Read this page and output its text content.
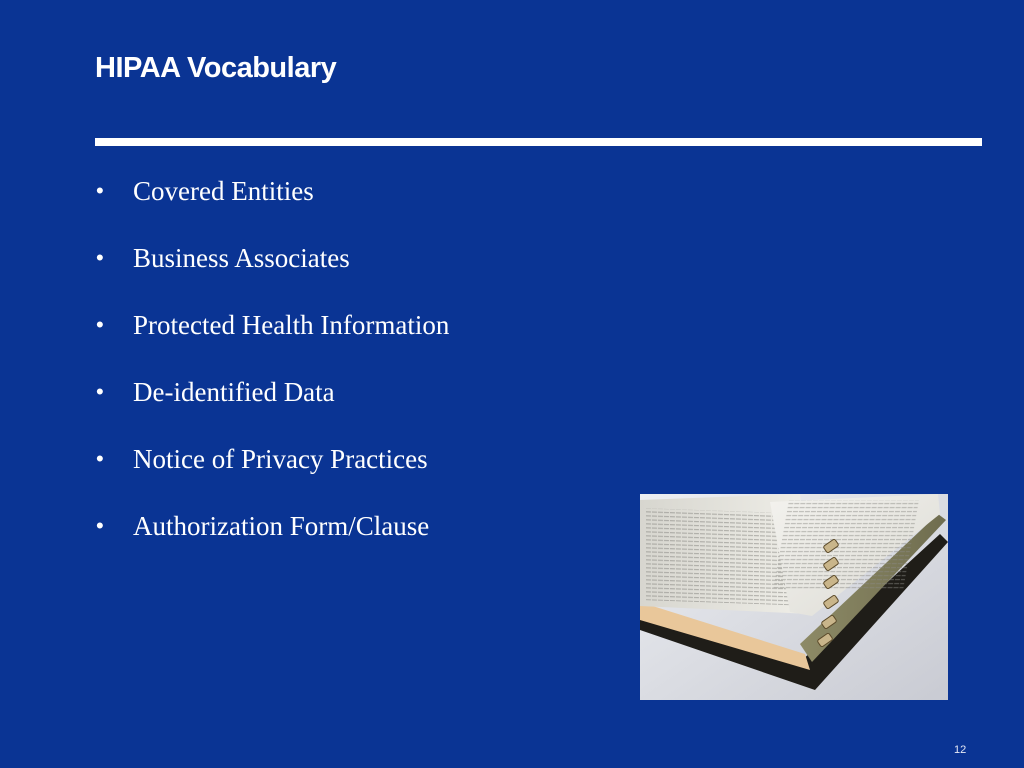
HIPAA Vocabulary
•	Covered Entities
•	Business Associates
•	Protected Health Information
•	De-identified Data
•	Notice of Privacy Practices
•	Authorization Form/Clause
12
